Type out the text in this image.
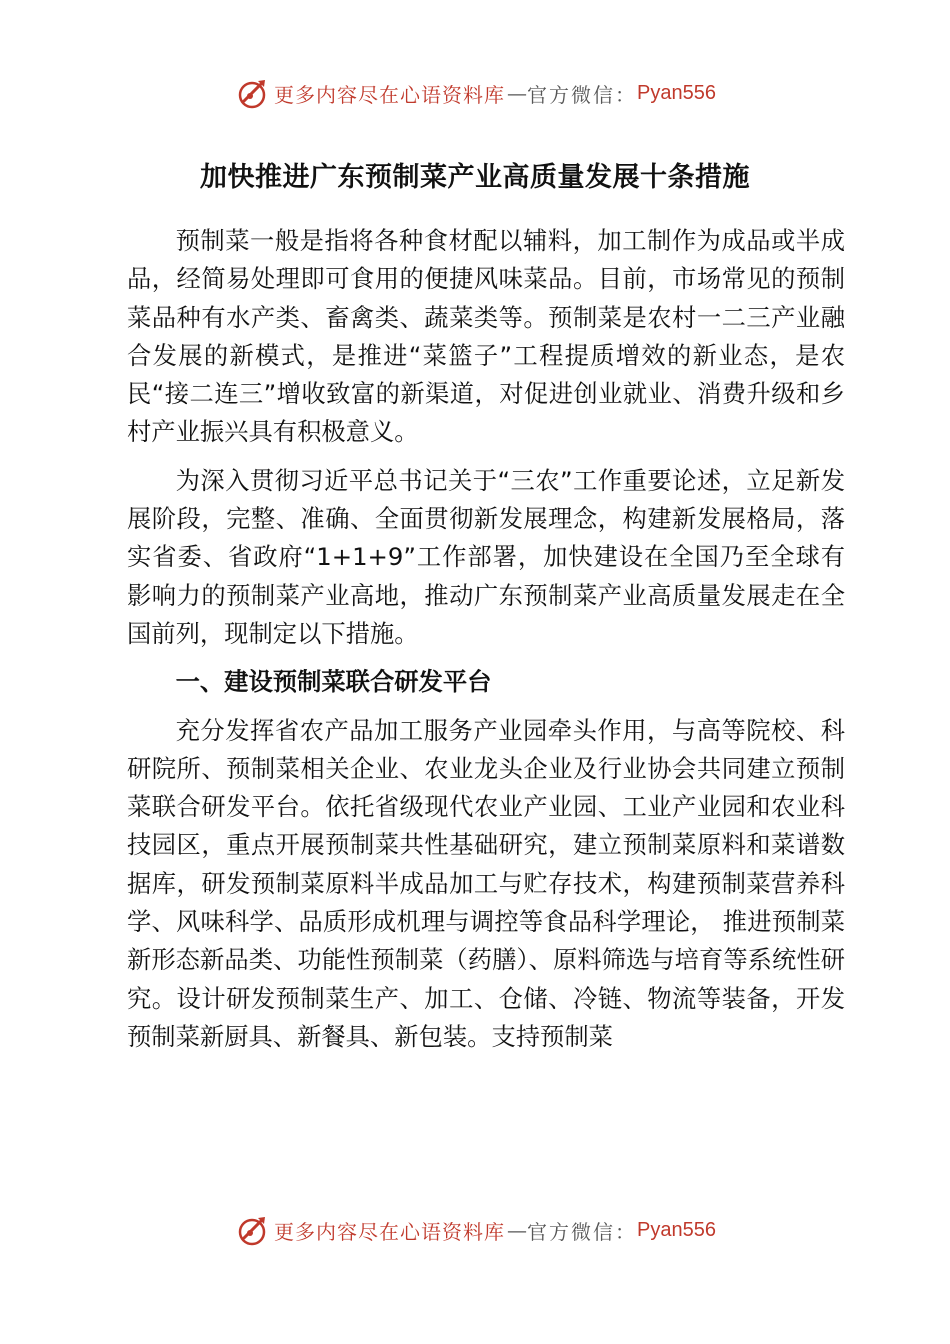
更多内容尽在心语资料库 — 官方微信： Pyan556
加快推进广东预制菜产业高质量发展十条措施

预制菜一般是指将各种食材配以辅料，加工制作为成品或半成品，经简易处理即可食用的便捷风味菜品。目前，市场常见的预制菜品种有水产类、畜禽类、蔬菜类等。预制菜是农村一二三产业融合发展的新模式，是推进“菜篮子”工程提质增效的新业态，是农民“接二连三”增收致富的新渠道，对促进创业就业、消费升级和乡村产业振兴具有积极意义。

为深入贯彻习近平总书记关于“三农”工作重要论述，立足新发展阶段，完整、准确、全面贯彻新发展理念，构建新发展格局，落实省委、省政府“1+1+9”工作部署，加快建设在全国乃至全球有影响力的预制菜产业高地，推动广东预制菜产业高质量发展走在全国前列，现制定以下措施。

一、建设预制菜联合研发平台

充分发挥省农产品加工服务产业园牵头作用，与高等院校、科研院所、预制菜相关企业、农业龙头企业及行业协会共同建立预制菜联合研发平台。依托省级现代农业产业园、工业产业园和农业科技园区，重点开展预制菜共性基础研究，建立预制菜原料和菜谱数据库，研发预制菜原料半成品加工与贮存技术，构建预制菜营养科学、风味科学、品质形成机理与调控等食品科学理论， 推进预制菜新形态新品类、功能性预制菜（药膳）、原料筛选与培育等系统性研究。设计研发预制菜生产、加工、仓储、冷链、物流等装备，开发预制菜新厨具、新餐具、新包装。支持预制菜

更多内容尽在心语资料库 — 官方微信： Pyan556
